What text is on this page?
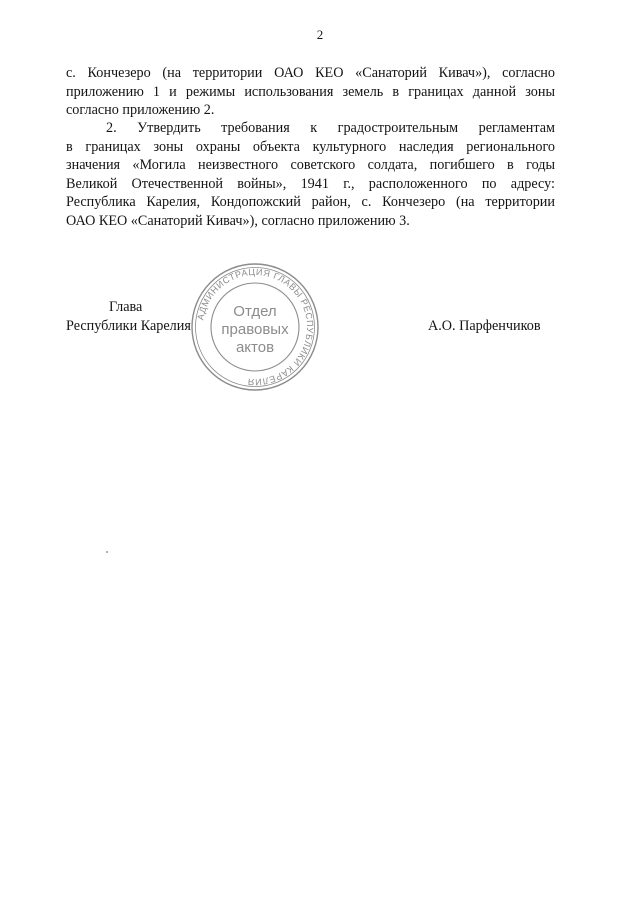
2
с. Кончезеро (на территории ОАО КЕО «Санаторий Кивач»), согласно
приложению 1 и режимы использования земель в границах данной зоны
согласно приложению 2.
2. Утвердить требования к градостроительным регламентам
в границах зоны охраны объекта культурного наследия регионального
значения «Могила неизвестного советского солдата, погибшего в годы
Великой Отечественной войны», 1941 г., расположенного по адресу:
Республика Карелия, Кондопожский район, с. Кончезеро (на территории
ОАО КЕО «Санаторий Кивач»), согласно приложению 3.
АДМИНИСТРАЦИЯ ГЛАВЫ РЕСПУБЛИКИ КАРЕЛИЯ
Отдел
правовых
актов
Глава
Республики Карелия	А.О. Парфенчиков
